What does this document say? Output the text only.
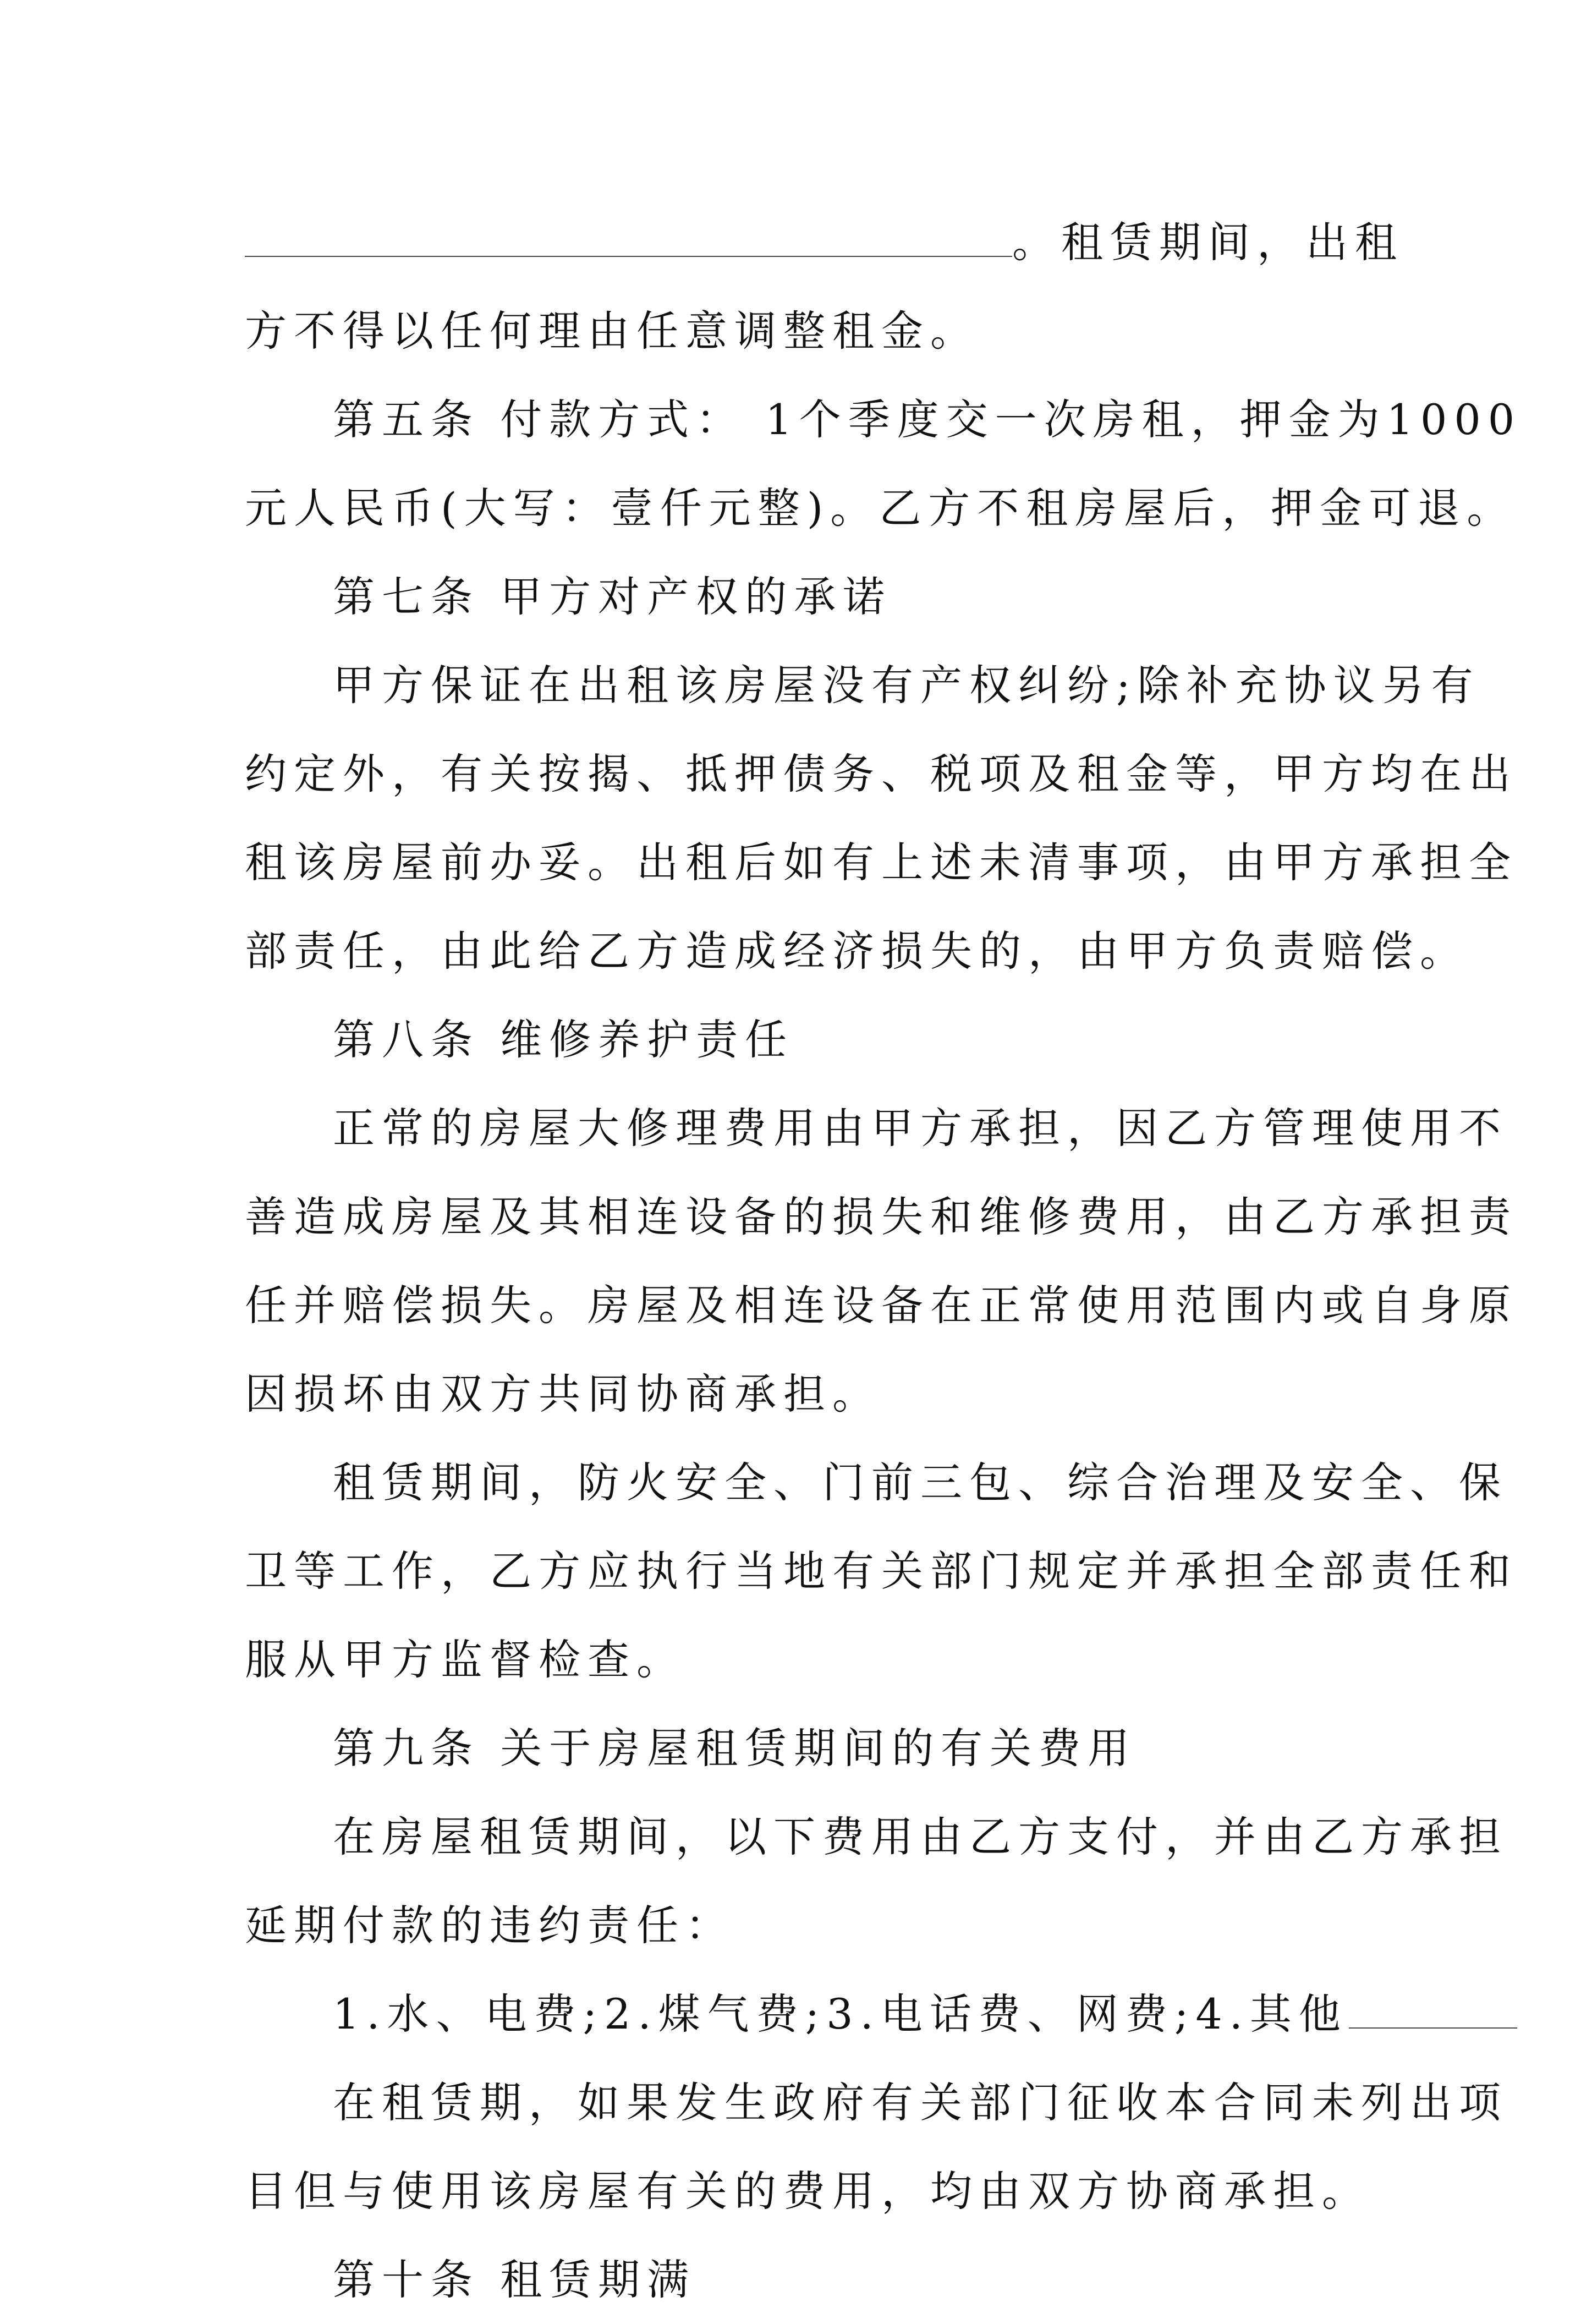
。租赁期间，出租
方不得以任何理由任意调整租金。
第五条 付款方式： 1个季度交一次房租，押金为1000
元人民币(大写：壹仟元整)。乙方不租房屋后，押金可退。
第七条 甲方对产权的承诺
甲方保证在出租该房屋没有产权纠纷;除补充协议另有
约定外，有关按揭、抵押债务、税项及租金等，甲方均在出
租该房屋前办妥。出租后如有上述未清事项，由甲方承担全
部责任，由此给乙方造成经济损失的，由甲方负责赔偿。
第八条 维修养护责任
正常的房屋大修理费用由甲方承担，因乙方管理使用不
善造成房屋及其相连设备的损失和维修费用，由乙方承担责
任并赔偿损失。房屋及相连设备在正常使用范围内或自身原
因损坏由双方共同协商承担。
租赁期间，防火安全、门前三包、综合治理及安全、保
卫等工作，乙方应执行当地有关部门规定并承担全部责任和
服从甲方监督检查。
第九条 关于房屋租赁期间的有关费用
在房屋租赁期间，以下费用由乙方支付，并由乙方承担
延期付款的违约责任：
1.水、电费;2.煤气费;3.电话费、网费;4.其他
在租赁期，如果发生政府有关部门征收本合同未列出项
目但与使用该房屋有关的费用，均由双方协商承担。
第十条 租赁期满
